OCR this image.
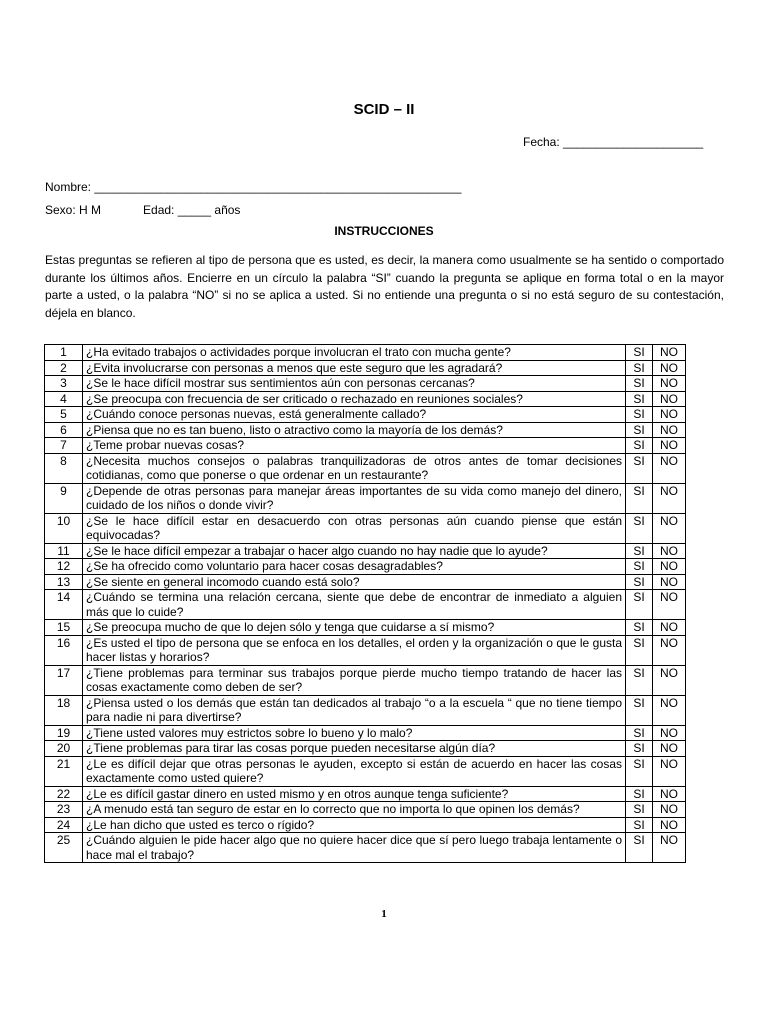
SCID – II
Fecha: _____________________
Nombre: _______________________________________________________
Sexo: H M	Edad: _____ años
INSTRUCCIONES
Estas preguntas se refieren al tipo de persona que es usted, es decir, la manera como usualmente se ha sentido o comportado durante los últimos años. Encierre en un círculo la palabra “SI” cuando la pregunta se aplique en forma total o en la mayor parte a usted, o la palabra “NO” si no se aplica a usted. Si no entiende una pregunta o si no está seguro de su contestación, déjela en blanco.
1	¿Ha evitado trabajos o actividades porque involucran el trato con mucha gente?	SI	NO
2	¿Evita involucrarse con personas a menos que este seguro que les agradará?	SI	NO
3	¿Se le hace difícil mostrar sus sentimientos aún con personas cercanas?	SI	NO
4	¿Se preocupa con frecuencia de ser criticado o rechazado en reuniones sociales?	SI	NO
5	¿Cuándo conoce personas nuevas, está generalmente callado?	SI	NO
6	¿Piensa que no es tan bueno, listo o atractivo como la mayoría de los demás?	SI	NO
7	¿Teme probar nuevas cosas?	SI	NO
8	¿Necesita muchos consejos o palabras tranquilizadoras de otros antes de tomar decisiones cotidianas, como que ponerse o que ordenar en un restaurante?	SI	NO
9	¿Depende de otras personas para manejar áreas importantes de su vida como manejo del dinero, cuidado de los niños o donde vivir?	SI	NO
10	¿Se le hace difícil estar en desacuerdo con otras personas aún cuando piense que están equivocadas?	SI	NO
11	¿Se le hace difícil empezar a trabajar o hacer algo cuando no hay nadie que lo ayude?	SI	NO
12	¿Se ha ofrecido como voluntario para hacer cosas desagradables?	SI	NO
13	¿Se siente en general incomodo cuando está solo?	SI	NO
14	¿Cuándo se termina una relación cercana, siente que debe de encontrar de inmediato a alguien más que lo cuide?	SI	NO
15	¿Se preocupa mucho de que lo dejen sólo y tenga que cuidarse a sí mismo?	SI	NO
16	¿Es usted el tipo de persona que se enfoca en los detalles, el orden y la organización o que le gusta hacer listas y horarios?	SI	NO
17	¿Tiene problemas para terminar sus trabajos porque pierde mucho tiempo tratando de hacer las cosas exactamente como deben de ser?	SI	NO
18	¿Piensa usted o los demás que están tan dedicados al trabajo “o a la escuela “ que no tiene tiempo para nadie ni para divertirse?	SI	NO
19	¿Tiene usted valores muy estrictos sobre lo bueno y lo malo?	SI	NO
20	¿Tiene problemas para tirar las cosas porque pueden necesitarse algún día?	SI	NO
21	¿Le es difícil dejar que otras personas le ayuden, excepto si están de acuerdo en hacer las cosas exactamente como usted quiere?	SI	NO
22	¿Le es difícil gastar dinero en usted mismo y en otros aunque tenga suficiente?	SI	NO
23	¿A menudo está tan seguro de estar en lo correcto que no importa lo que opinen los demás?	SI	NO
24	¿Le han dicho que usted es terco o rígido?	SI	NO
25	¿Cuándo alguien le pide hacer algo que no quiere hacer dice que sí pero luego trabaja lentamente o hace mal el trabajo?	SI	NO
1
